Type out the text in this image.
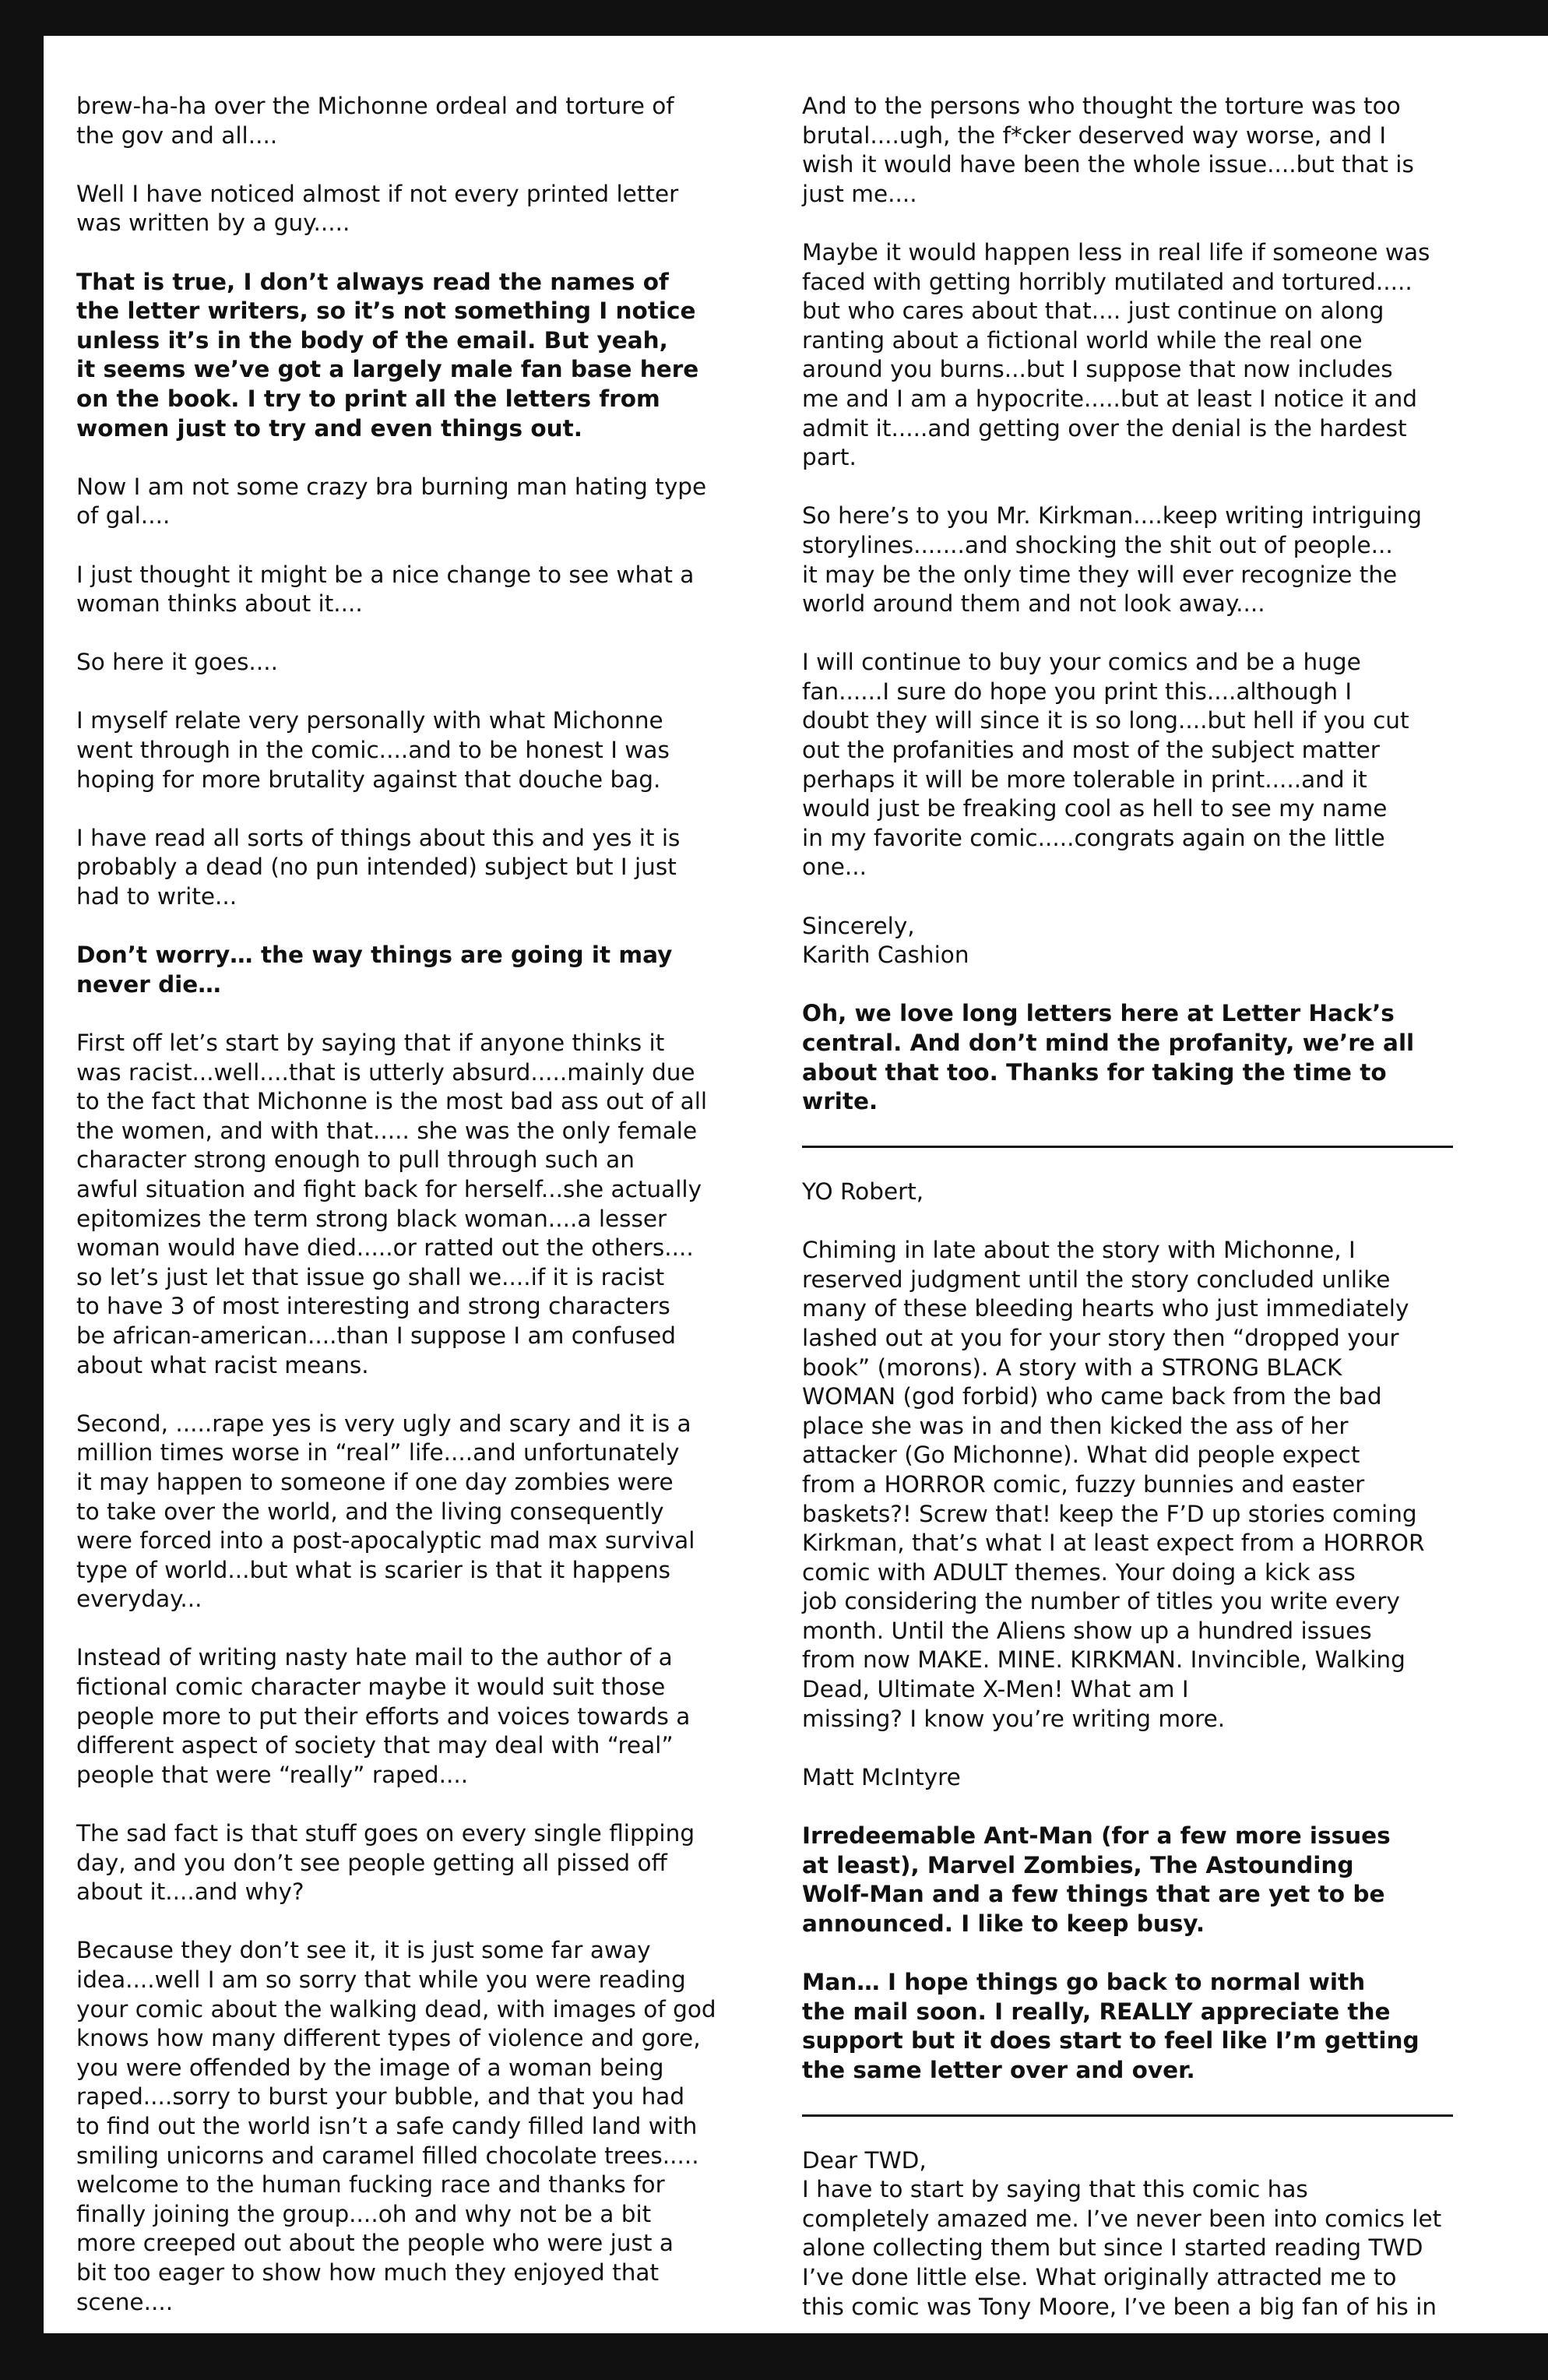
brew-ha-ha over the Michonne ordeal and torture of
the gov and all....

Well I have noticed almost if not every printed letter
was written by a guy.....

That is true, I don’t always read the names of
the letter writers, so it’s not something I notice
unless it’s in the body of the email. But yeah,
it seems we’ve got a largely male fan base here
on the book. I try to print all the letters from
women just to try and even things out.

Now I am not some crazy bra burning man hating type
of gal....

I just thought it might be a nice change to see what a
woman thinks about it....

So here it goes....

I myself relate very personally with what Michonne
went through in the comic....and to be honest I was
hoping for more brutality against that douche bag.

I have read all sorts of things about this and yes it is
probably a dead (no pun intended) subject but I just
had to write...

Don’t worry… the way things are going it may
never die…

First off let’s start by saying that if anyone thinks it
was racist...well....that is utterly absurd.....mainly due
to the fact that Michonne is the most bad ass out of all
the women, and with that..... she was the only female
character strong enough to pull through such an
awful situation and fight back for herself...she actually
epitomizes the term strong black woman....a lesser
woman would have died.....or ratted out the others....
so let’s just let that issue go shall we....if it is racist
to have 3 of most interesting and strong characters
be african-american....than I suppose I am confused
about what racist means.

Second, .....rape yes is very ugly and scary and it is a
million times worse in “real” life....and unfortunately
it may happen to someone if one day zombies were
to take over the world, and the living consequently
were forced into a post-apocalyptic mad max survival
type of world...but what is scarier is that it happens
everyday...

Instead of writing nasty hate mail to the author of a
fictional comic character maybe it would suit those
people more to put their efforts and voices towards a
different aspect of society that may deal with “real”
people that were “really” raped....

The sad fact is that stuff goes on every single flipping
day, and you don’t see people getting all pissed off
about it....and why?

Because they don’t see it, it is just some far away
idea....well I am so sorry that while you were reading
your comic about the walking dead, with images of god
knows how many different types of violence and gore,
you were offended by the image of a woman being
raped....sorry to burst your bubble, and that you had
to find out the world isn’t a safe candy filled land with
smiling unicorns and caramel filled chocolate trees.....
welcome to the human fucking race and thanks for
finally joining the group....oh and why not be a bit
more creeped out about the people who were just a
bit too eager to show how much they enjoyed that
scene....

And to the persons who thought the torture was too
brutal....ugh, the f*cker deserved way worse, and I
wish it would have been the whole issue....but that is
just me....

Maybe it would happen less in real life if someone was
faced with getting horribly mutilated and tortured.....
but who cares about that.... just continue on along
ranting about a fictional world while the real one
around you burns...but I suppose that now includes
me and I am a hypocrite.....but at least I notice it and
admit it.....and getting over the denial is the hardest
part.

So here’s to you Mr. Kirkman....keep writing intriguing
storylines.......and shocking the shit out of people...
it may be the only time they will ever recognize the
world around them and not look away....

I will continue to buy your comics and be a huge
fan......I sure do hope you print this....although I
doubt they will since it is so long....but hell if you cut
out the profanities and most of the subject matter
perhaps it will be more tolerable in print.....and it
would just be freaking cool as hell to see my name
in my favorite comic.....congrats again on the little
one...

Sincerely,
Karith Cashion

Oh, we love long letters here at Letter Hack’s
central. And don’t mind the profanity, we’re all
about that too. Thanks for taking the time to
write.

YO Robert,

Chiming in late about the story with Michonne, I
reserved judgment until the story concluded unlike
many of these bleeding hearts who just immediately
lashed out at you for your story then “dropped your
book” (morons). A story with a STRONG BLACK
WOMAN (god forbid) who came back from the bad
place she was in and then kicked the ass of her
attacker (Go Michonne). What did people expect
from a HORROR comic, fuzzy bunnies and easter
baskets?! Screw that! keep the F’D up stories coming
Kirkman, that’s what I at least expect from a HORROR
comic with ADULT themes. Your doing a kick ass
job considering the number of titles you write every
month. Until the Aliens show up a hundred issues
from now MAKE. MINE. KIRKMAN. Invincible, Walking
Dead, Ultimate X-Men! What am I
missing? I know you’re writing more.

Matt McIntyre

Irredeemable Ant-Man (for a few more issues
at least), Marvel Zombies, The Astounding
Wolf-Man and a few things that are yet to be
announced. I like to keep busy.

Man… I hope things go back to normal with
the mail soon. I really, REALLY appreciate the
support but it does start to feel like I’m getting
the same letter over and over.

Dear TWD,
I have to start by saying that this comic has
completely amazed me. I’ve never been into comics let
alone collecting them but since I started reading TWD
I’ve done little else. What originally attracted me to
this comic was Tony Moore, I’ve been a big fan of his in
